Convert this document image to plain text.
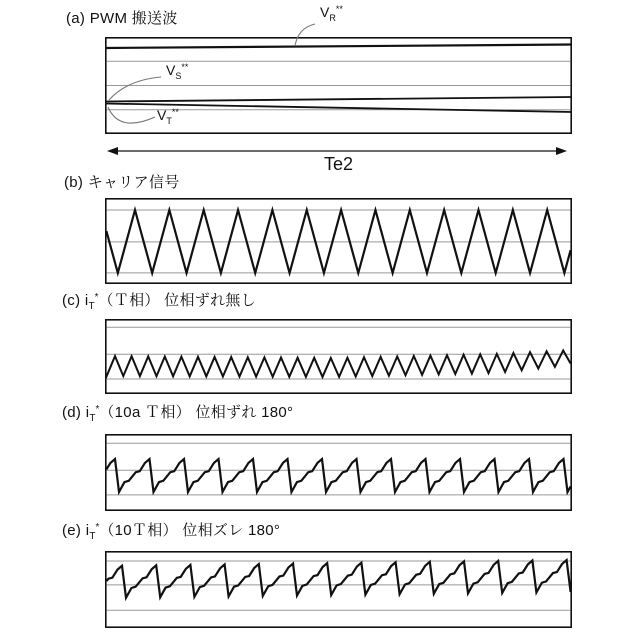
(a) PWM 搬送波
(b) キャリア信号
(c) $i_T^*(T$相） 位相ずれ無し
(d) $i_T^*(10a$ Ｔ相） 位相ずれ 180°
(e) $i_T^*(10T$相） 位相ズレ 180°
Te2
$V_R^{**}$
$V_S^{**}$
$V_T^{**}$
